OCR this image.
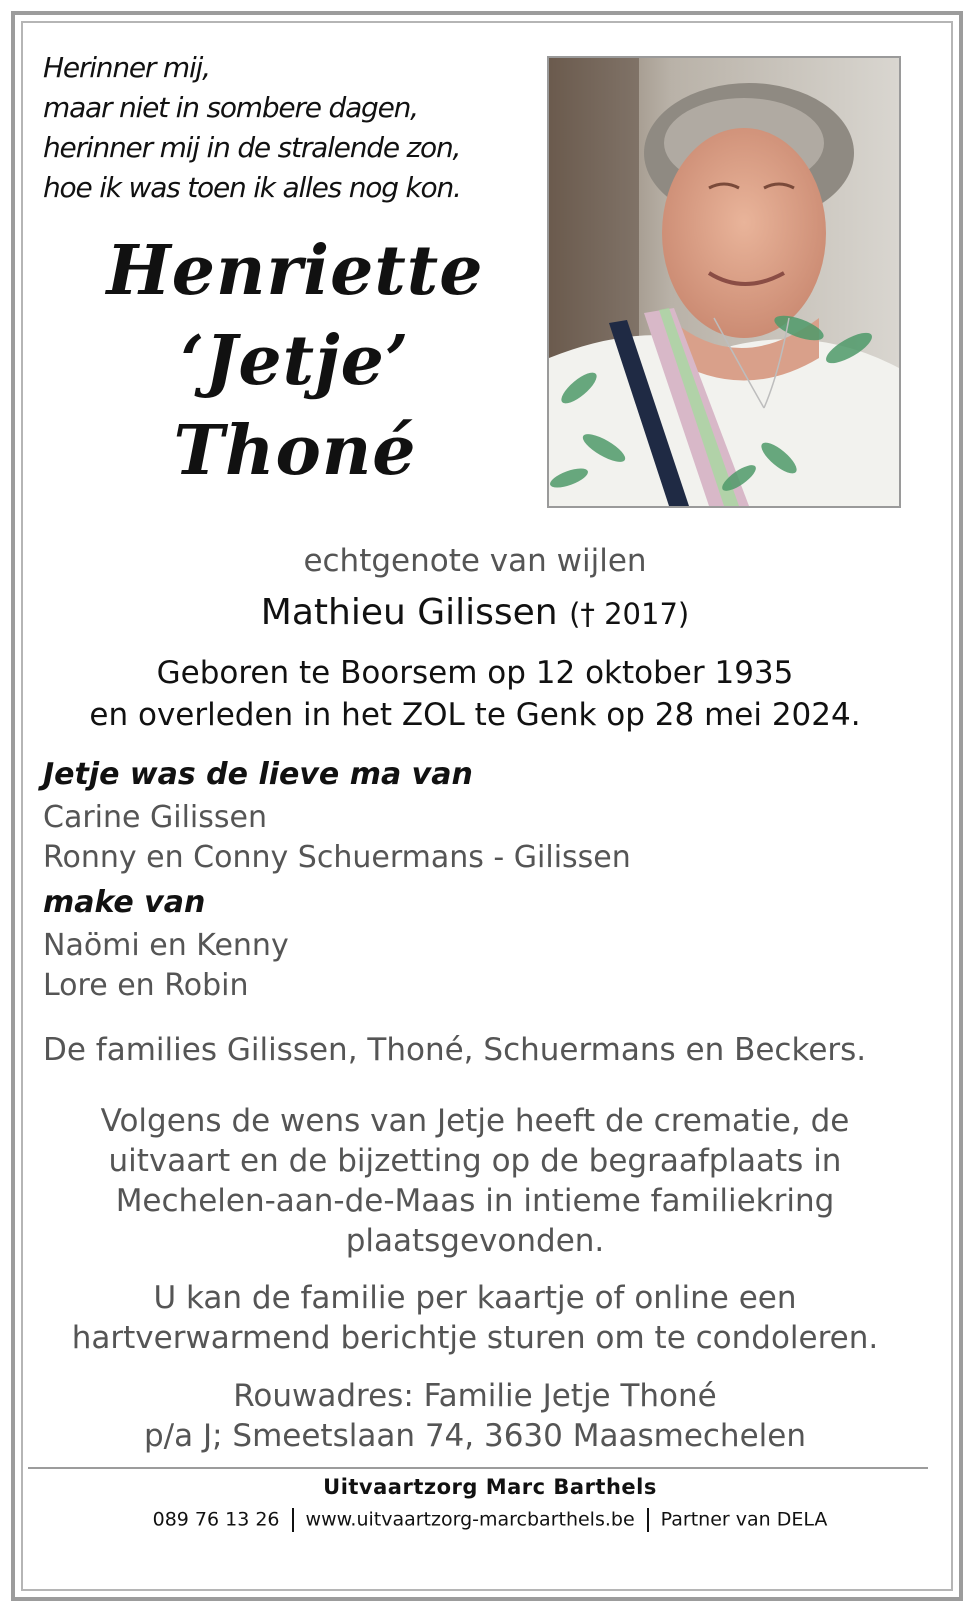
Herinner mij,
maar niet in sombere dagen,
herinner mij in de stralende zon,
hoe ik was toen ik alles nog kon.
Henriette
‘Jetje’
Thoné
echtgenote van wijlen
Mathieu Gilissen († 2017)
Geboren te Boorsem op 12 oktober 1935
en overleden in het ZOL te Genk op 28 mei 2024.
Jetje was de lieve ma van
Carine Gilissen
Ronny en Conny Schuermans - Gilissen
make van
Naömi en Kenny
Lore en Robin
De families Gilissen, Thoné, Schuermans en Beckers.
Volgens de wens van Jetje heeft de crematie, de
uitvaart en de bijzetting op de begraafplaats in
Mechelen-aan-de-Maas in intieme familiekring
plaatsgevonden.
U kan de familie per kaartje of online een
hartverwarmend berichtje sturen om te condoleren.
Rouwadres: Familie Jetje Thoné
p/a J; Smeetslaan 74, 3630 Maasmechelen
Uitvaartzorg Marc Barthels
089 76 13 26 www.uitvaartzorg-marcbarthels.be Partner van DELA
